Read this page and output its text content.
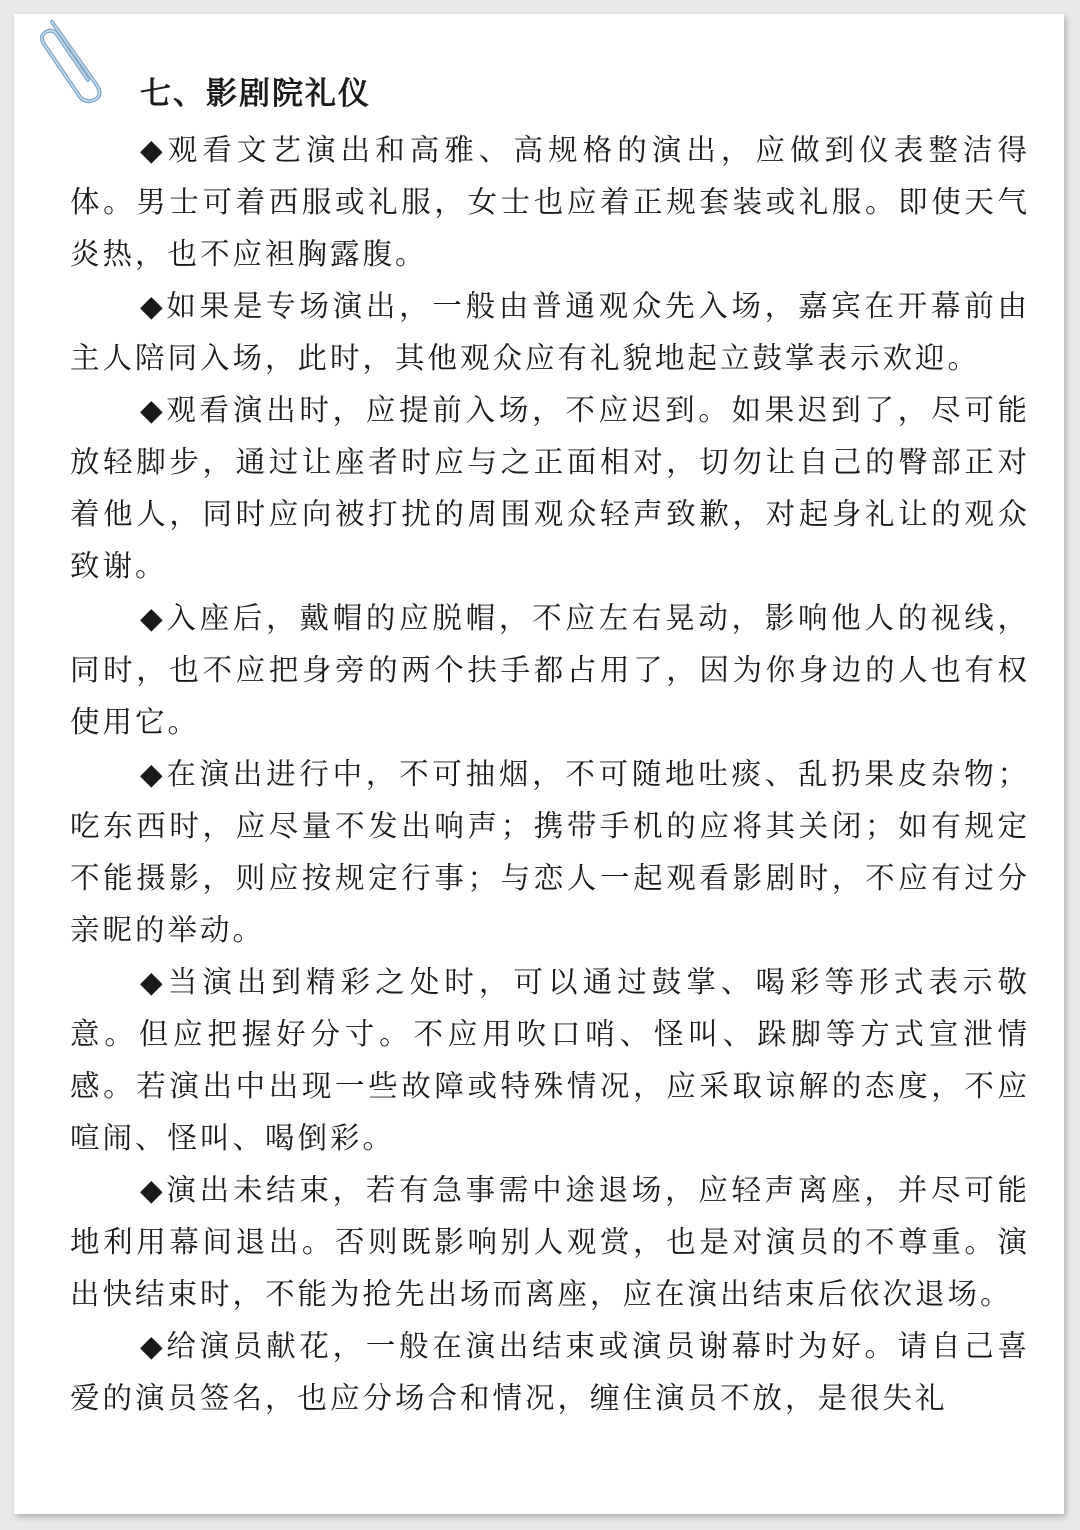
七、影剧院礼仪

◆观看文艺演出和高雅、高规格的演出，应做到仪表整洁得体。男士可着西服或礼服，女士也应着正规套装或礼服。即使天气炎热，也不应袒胸露腹。

◆如果是专场演出，一般由普通观众先入场，嘉宾在开幕前由主人陪同入场，此时，其他观众应有礼貌地起立鼓掌表示欢迎。

◆观看演出时，应提前入场，不应迟到。如果迟到了，尽可能放轻脚步，通过让座者时应与之正面相对，切勿让自己的臀部正对着他人，同时应向被打扰的周围观众轻声致歉，对起身礼让的观众致谢。

◆入座后，戴帽的应脱帽，不应左右晃动，影响他人的视线，同时，也不应把身旁的两个扶手都占用了，因为你身边的人也有权使用它。

◆在演出进行中，不可抽烟，不可随地吐痰、乱扔果皮杂物；吃东西时，应尽量不发出响声；携带手机的应将其关闭；如有规定不能摄影，则应按规定行事；与恋人一起观看影剧时，不应有过分亲昵的举动。

◆当演出到精彩之处时，可以通过鼓掌、喝彩等形式表示敬意。但应把握好分寸。不应用吹口哨、怪叫、跺脚等方式宣泄情感。若演出中出现一些故障或特殊情况，应采取谅解的态度，不应喧闹、怪叫、喝倒彩。

◆演出未结束，若有急事需中途退场，应轻声离座，并尽可能地利用幕间退出。否则既影响别人观赏，也是对演员的不尊重。演出快结束时，不能为抢先出场而离座，应在演出结束后依次退场。

◆给演员献花，一般在演出结束或演员谢幕时为好。请自己喜爱的演员签名，也应分场合和情况，缠住演员不放，是很失礼
